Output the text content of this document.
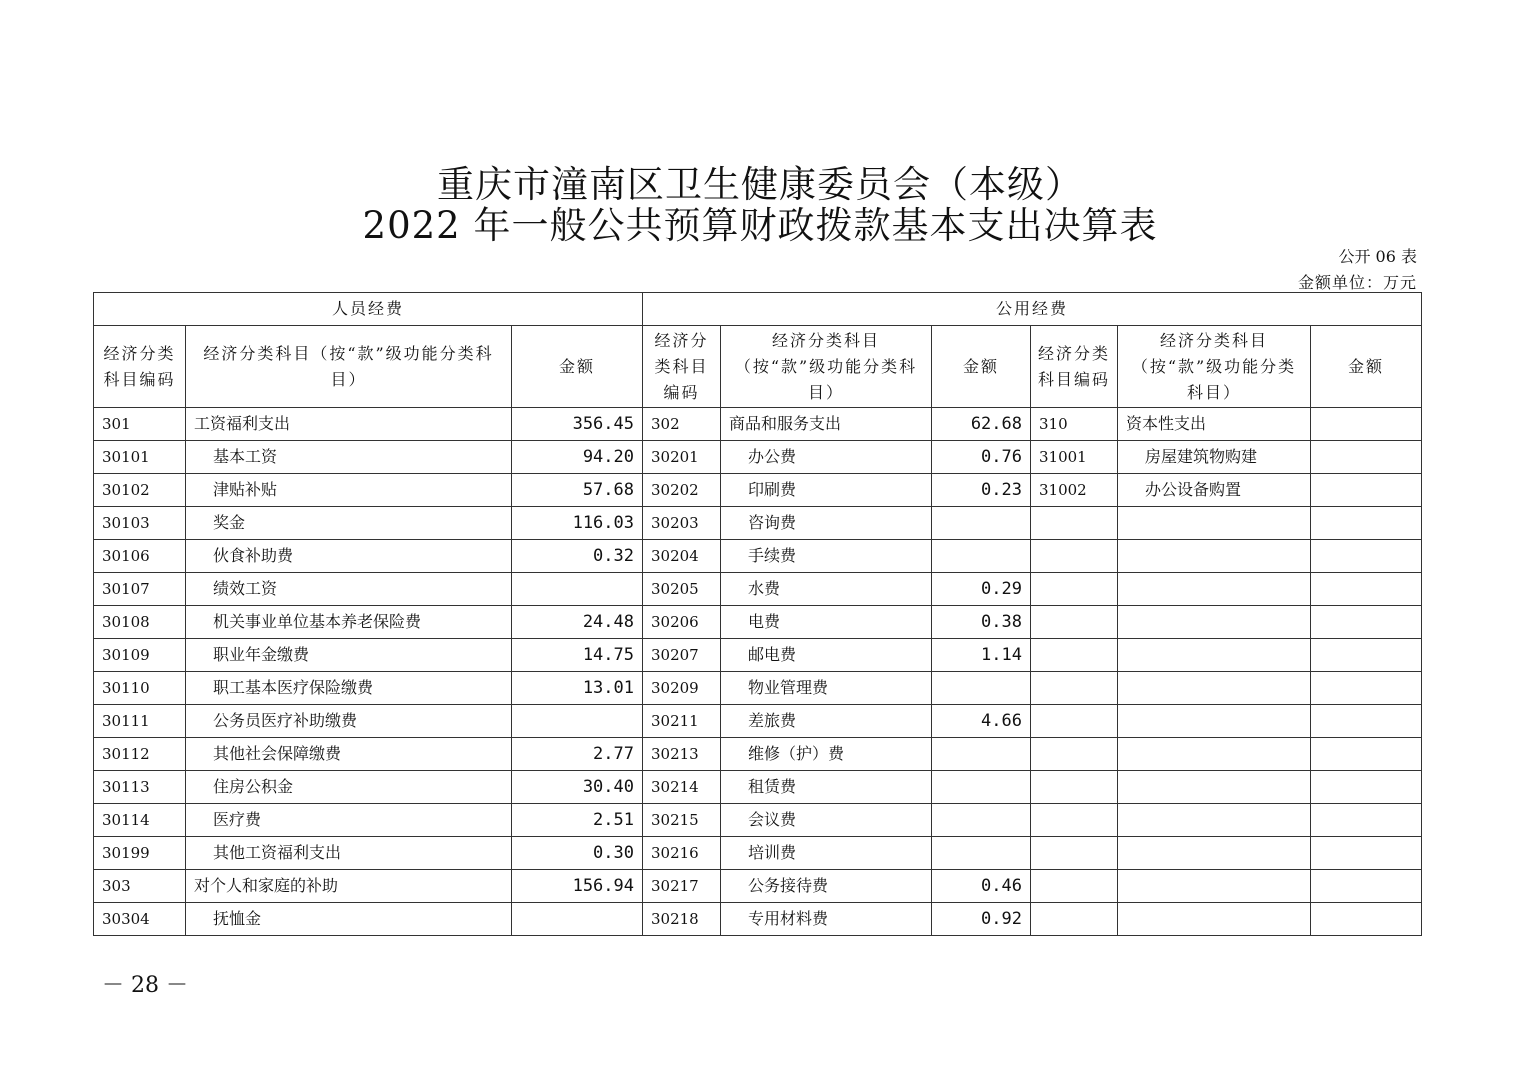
重庆市潼南区卫生健康委员会（本级）
2022 年一般公共预算财政拨款基本支出决算表
公开 06 表
金额单位：万元
人员经费			公用经费					
经济分类科目编码	经济分类科目（按“款”级功能分类科目）	金额	经济分类科目编码	经济分类科目（按“款”级功能分类科目）	金额	经济分类科目编码	经济分类科目（按“款”级功能分类科目）	金额
301	工资福利支出	356.45	302	商品和服务支出	62.68	310	资本性支出	
30101	基本工资	94.20	30201	办公费	0.76	31001	房屋建筑物购建	
30102	津贴补贴	57.68	30202	印刷费	0.23	31002	办公设备购置	
30103	奖金	116.03	30203	咨询费				
30106	伙食补助费	0.32	30204	手续费				
30107	绩效工资		30205	水费	0.29			
30108	机关事业单位基本养老保险费	24.48	30206	电费	0.38			
30109	职业年金缴费	14.75	30207	邮电费	1.14			
30110	职工基本医疗保险缴费	13.01	30209	物业管理费				
30111	公务员医疗补助缴费		30211	差旅费	4.66			
30112	其他社会保障缴费	2.77	30213	维修（护）费				
30113	住房公积金	30.40	30214	租赁费				
30114	医疗费	2.51	30215	会议费				
30199	其他工资福利支出	0.30	30216	培训费				
303	对个人和家庭的补助	156.94	30217	公务接待费	0.46			
30304	抚恤金		30218	专用材料费	0.92			
－ 28 －
